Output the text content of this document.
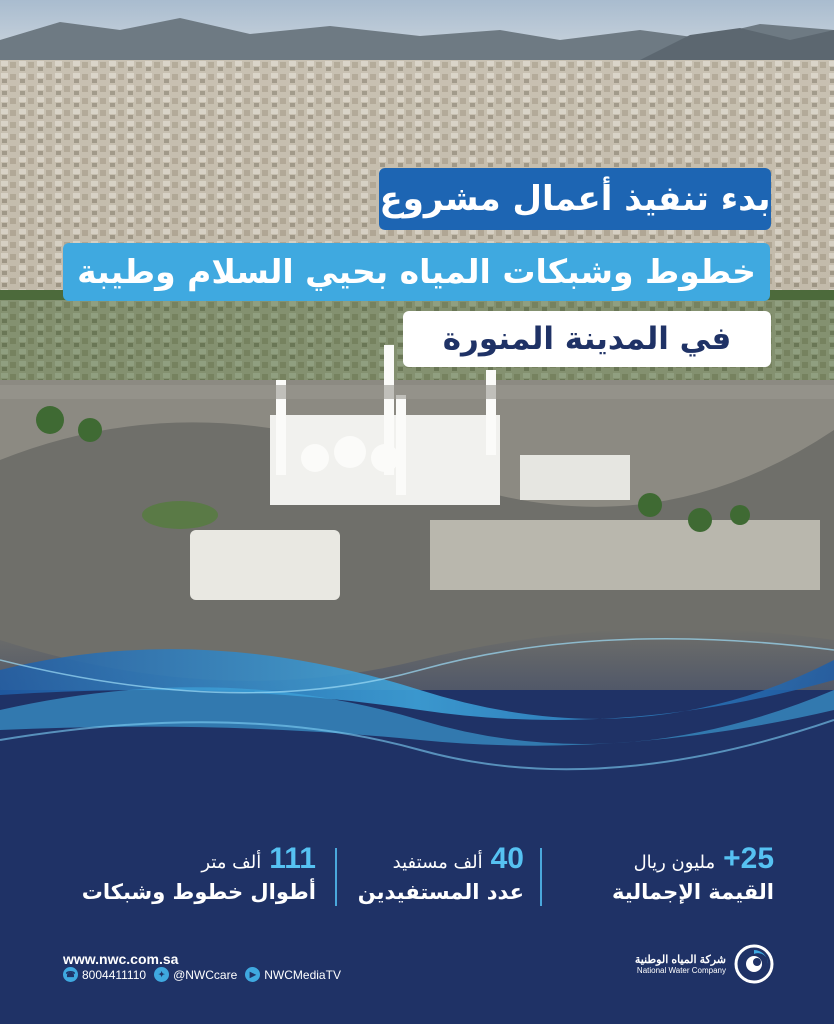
بدء تنفيذ أعمال مشروع
خطوط وشبكات المياه بحيي السلام وطيبة
في المدينة المنورة
+25
مليون ريال
القيمة الإجمالية
40
ألف مستفيد
عدد المستفيدين
111
ألف متر
أطوال خطوط وشبكات
www.nwc.com.sa
☎ 8004411110	✦ @NWCcare	▶ NWCMediaTV
شركة المياه الوطنية
National Water Company
